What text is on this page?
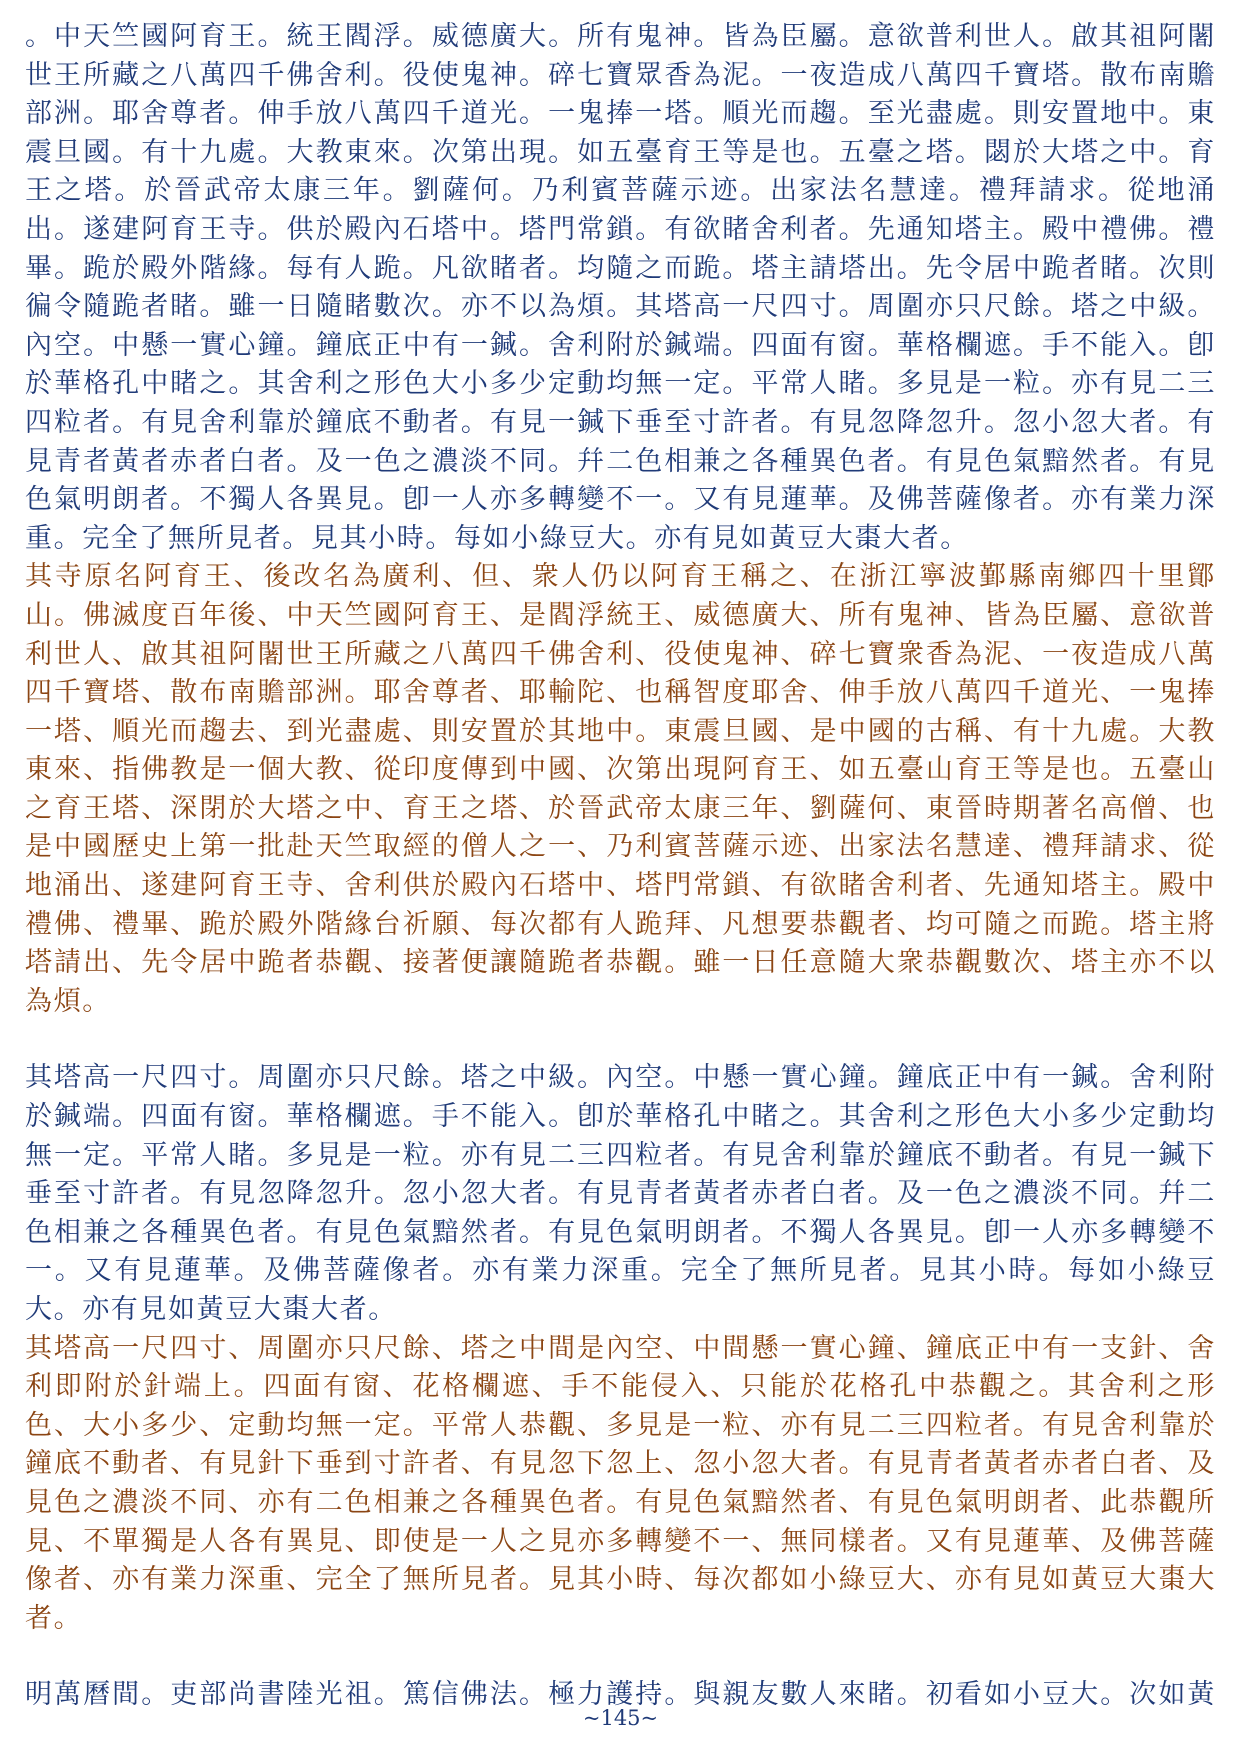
。中天竺國阿育王。統王閻浮。威德廣大。所有鬼神。皆為臣屬。意欲普利世人。啟其祖阿闍世王所藏之八萬四千佛舍利。役使鬼神。碎七寶眾香為泥。一夜造成八萬四千寶塔。散布南贍部洲。耶舍尊者。伸手放八萬四千道光。一鬼捧一塔。順光而趨。至光盡處。則安置地中。東震旦國。有十九處。大教東來。次第出現。如五臺育王等是也。五臺之塔。閟於大塔之中。育王之塔。於晉武帝太康三年。劉薩何。乃利賓菩薩示迹。出家法名慧達。禮拜請求。從地涌出。遂建阿育王寺。供於殿內石塔中。塔門常鎖。有欲睹舍利者。先通知塔主。殿中禮佛。禮畢。跪於殿外階緣。每有人跪。凡欲睹者。均隨之而跪。塔主請塔出。先令居中跪者睹。次則徧令隨跪者睹。雖一日隨睹數次。亦不以為煩。其塔高一尺四寸。周圍亦只尺餘。塔之中級。內空。中懸一實心鐘。鐘底正中有一鍼。舍利附於鍼端。四面有窗。華格欄遮。手不能入。卽於華格孔中睹之。其舍利之形色大小多少定動均無一定。平常人睹。多見是一粒。亦有見二三四粒者。有見舍利靠於鐘底不動者。有見一鍼下垂至寸許者。有見忽降忽升。忽小忽大者。有見青者黃者赤者白者。及一色之濃淡不同。幷二色相兼之各種異色者。有見色氣黯然者。有見色氣明朗者。不獨人各異見。卽一人亦多轉變不一。又有見蓮華。及佛菩薩像者。亦有業力深重。完全了無所見者。見其小時。每如小綠豆大。亦有見如黃豆大棗大者。

其寺原名阿育王、後改名為廣利、但、衆人仍以阿育王稱之、在浙江寧波鄞縣南鄉四十里鄮山。佛滅度百年後、中天竺國阿育王、是閻浮統王、威德廣大、所有鬼神、皆為臣屬、意欲普利世人、啟其祖阿闍世王所藏之八萬四千佛舍利、役使鬼神、碎七寶衆香為泥、一夜造成八萬四千寶塔、散布南贍部洲。耶舍尊者、耶輸陀、也稱智度耶舍、伸手放八萬四千道光、一鬼捧一塔、順光而趨去、到光盡處、則安置於其地中。東震旦國、是中國的古稱、有十九處。大教東來、指佛教是一個大教、從印度傳到中國、次第出現阿育王、如五臺山育王等是也。五臺山之育王塔、深閉於大塔之中、育王之塔、於晉武帝太康三年、劉薩何、東晉時期著名高僧、也是中國歷史上第一批赴天竺取經的僧人之一、乃利賓菩薩示迹、出家法名慧達、禮拜請求、從地涌出、遂建阿育王寺、舍利供於殿內石塔中、塔門常鎖、有欲睹舍利者、先通知塔主。殿中禮佛、禮畢、跪於殿外階緣台祈願、每次都有人跪拜、凡想要恭觀者、均可隨之而跪。塔主將塔請出、先令居中跪者恭觀、接著便讓隨跪者恭觀。雖一日任意隨大衆恭觀數次、塔主亦不以為煩。

其塔高一尺四寸。周圍亦只尺餘。塔之中級。內空。中懸一實心鐘。鐘底正中有一鍼。舍利附於鍼端。四面有窗。華格欄遮。手不能入。卽於華格孔中睹之。其舍利之形色大小多少定動均無一定。平常人睹。多見是一粒。亦有見二三四粒者。有見舍利靠於鐘底不動者。有見一鍼下垂至寸許者。有見忽降忽升。忽小忽大者。有見青者黃者赤者白者。及一色之濃淡不同。幷二色相兼之各種異色者。有見色氣黯然者。有見色氣明朗者。不獨人各異見。卽一人亦多轉變不一。又有見蓮華。及佛菩薩像者。亦有業力深重。完全了無所見者。見其小時。每如小綠豆大。亦有見如黃豆大棗大者。

其塔高一尺四寸、周圍亦只尺餘、塔之中間是內空、中間懸一實心鐘、鐘底正中有一支針、舍利即附於針端上。四面有窗、花格欄遮、手不能侵入、只能於花格孔中恭觀之。其舍利之形色、大小多少、定動均無一定。平常人恭觀、多見是一粒、亦有見二三四粒者。有見舍利靠於鐘底不動者、有見針下垂到寸許者、有見忽下忽上、忽小忽大者。有見青者黃者赤者白者、及見色之濃淡不同、亦有二色相兼之各種異色者。有見色氣黯然者、有見色氣明朗者、此恭觀所見、不單獨是人各有異見、即使是一人之見亦多轉變不一、無同樣者。又有見蓮華、及佛菩薩像者、亦有業力深重、完全了無所見者。見其小時、每次都如小綠豆大、亦有見如黃豆大棗大者。

明萬曆間。吏部尚書陸光祖。篤信佛法。極力護持。與親友數人來睹。初看如小豆大。次如黃

~145~
